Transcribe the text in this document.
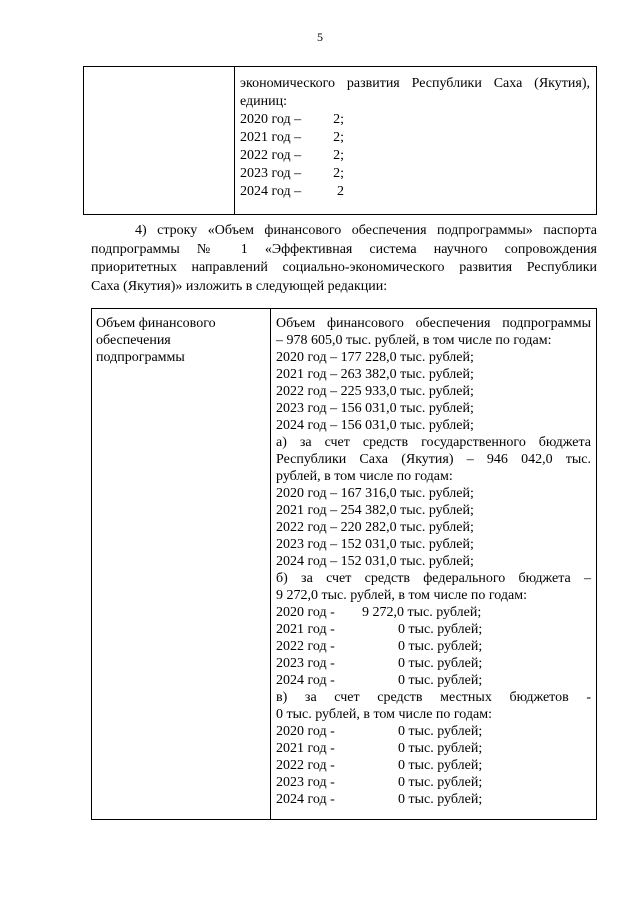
5

экономического развития Республики Саха (Якутия),
единиц:
2020 год – 2;
2021 год – 2;
2022 год – 2;
2023 год – 2;
2024 год –	2
4) строку «Объем финансового обеспечения подпрограммы» паспорта
подпрограммы № 1 «Эффективная система научного сопровождения
приоритетных направлений социально-экономического развития Республики
Саха (Якутия)» изложить в следующей редакции:
Объем финансового
обеспечения
подпрограммы

Объем финансового обеспечения подпрограммы
– 978 605,0 тыс. рублей, в том числе по годам:
2020 год – 177 228,0 тыс. рублей;
2021 год – 263 382,0 тыс. рублей;
2022 год – 225 933,0 тыс. рублей;
2023 год – 156 031,0 тыс. рублей;
2024 год – 156 031,0 тыс. рублей;
а) за счет средств государственного бюджета
Республики Саха (Якутия) – 946 042,0 тыс.
рублей, в том числе по годам:
2020 год – 167 316,0 тыс. рублей;
2021 год – 254 382,0 тыс. рублей;
2022 год – 220 282,0 тыс. рублей;
2023 год – 152 031,0 тыс. рублей;
2024 год – 152 031,0 тыс. рублей;
б) за счет средств федерального бюджета –
9 272,0 тыс. рублей, в том числе по годам:
2020 год - 9 272,0 тыс. рублей;
2021 год -	0 тыс. рублей;
2022 год -	0 тыс. рублей;
2023 год -	0 тыс. рублей;
2024 год -	0 тыс. рублей;
в) за счет средств местных бюджетов -
0 тыс. рублей, в том числе по годам:
2020 год -	0 тыс. рублей;
2021 год -	0 тыс. рублей;
2022 год -	0 тыс. рублей;
2023 год -	0 тыс. рублей;
2024 год -	0 тыс. рублей;
